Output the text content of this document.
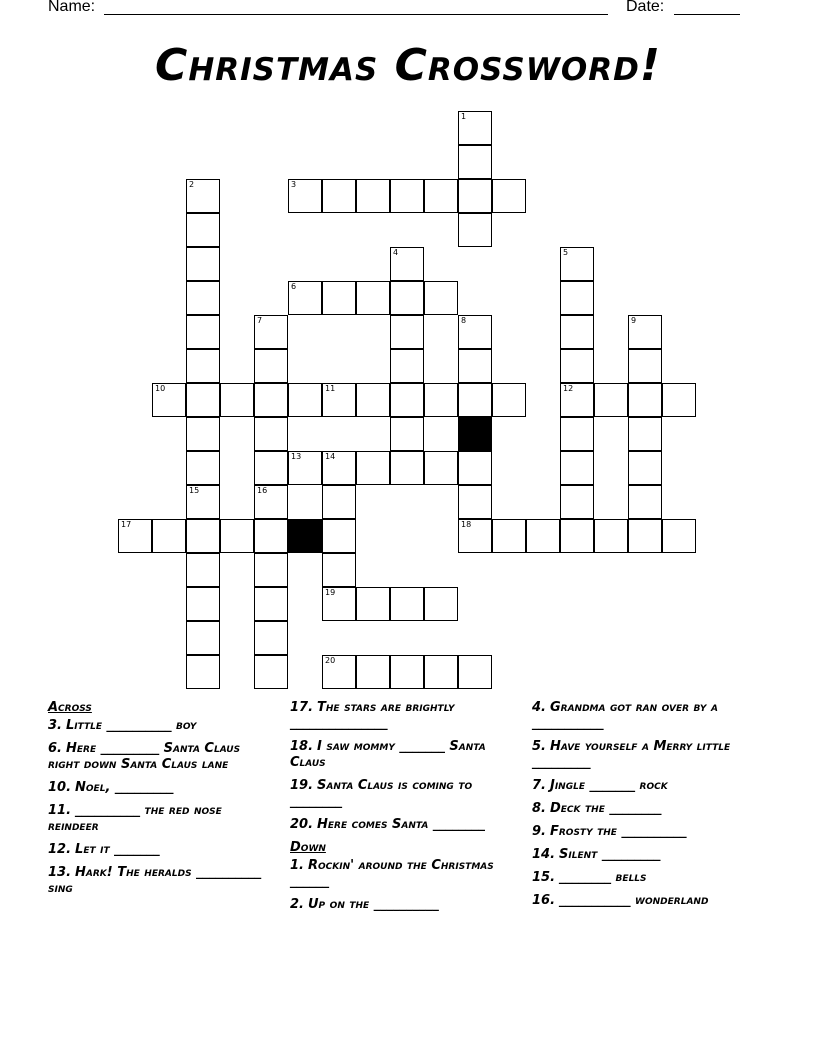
Name:	Date:
Christmas Crossword!
1
3
2
4	5
12
6
7
16
8	9
10	11
13	14
19
15
17	18
20
Across
3. Little __________ boy
6. Here _________ Santa Claus right down Santa Claus lane
10. Noel, _________
11. __________ the red nose reindeer
12. Let it _______
13. Hark! The heralds __________ sing
17. The stars are brightly _______________
18. I saw mommy _______ Santa Claus
19. Santa Claus is coming to ________
20. Here comes Santa ________
Down
1. Rockin' around the Christmas ______
2. Up on the __________
4. Grandma got ran over by a ___________
5. Have yourself a Merry little _________
7. Jingle _______ rock
8. Deck the ________
9. Frosty the __________
14. Silent _________
15. ________ bells
16. ___________ wonderland
